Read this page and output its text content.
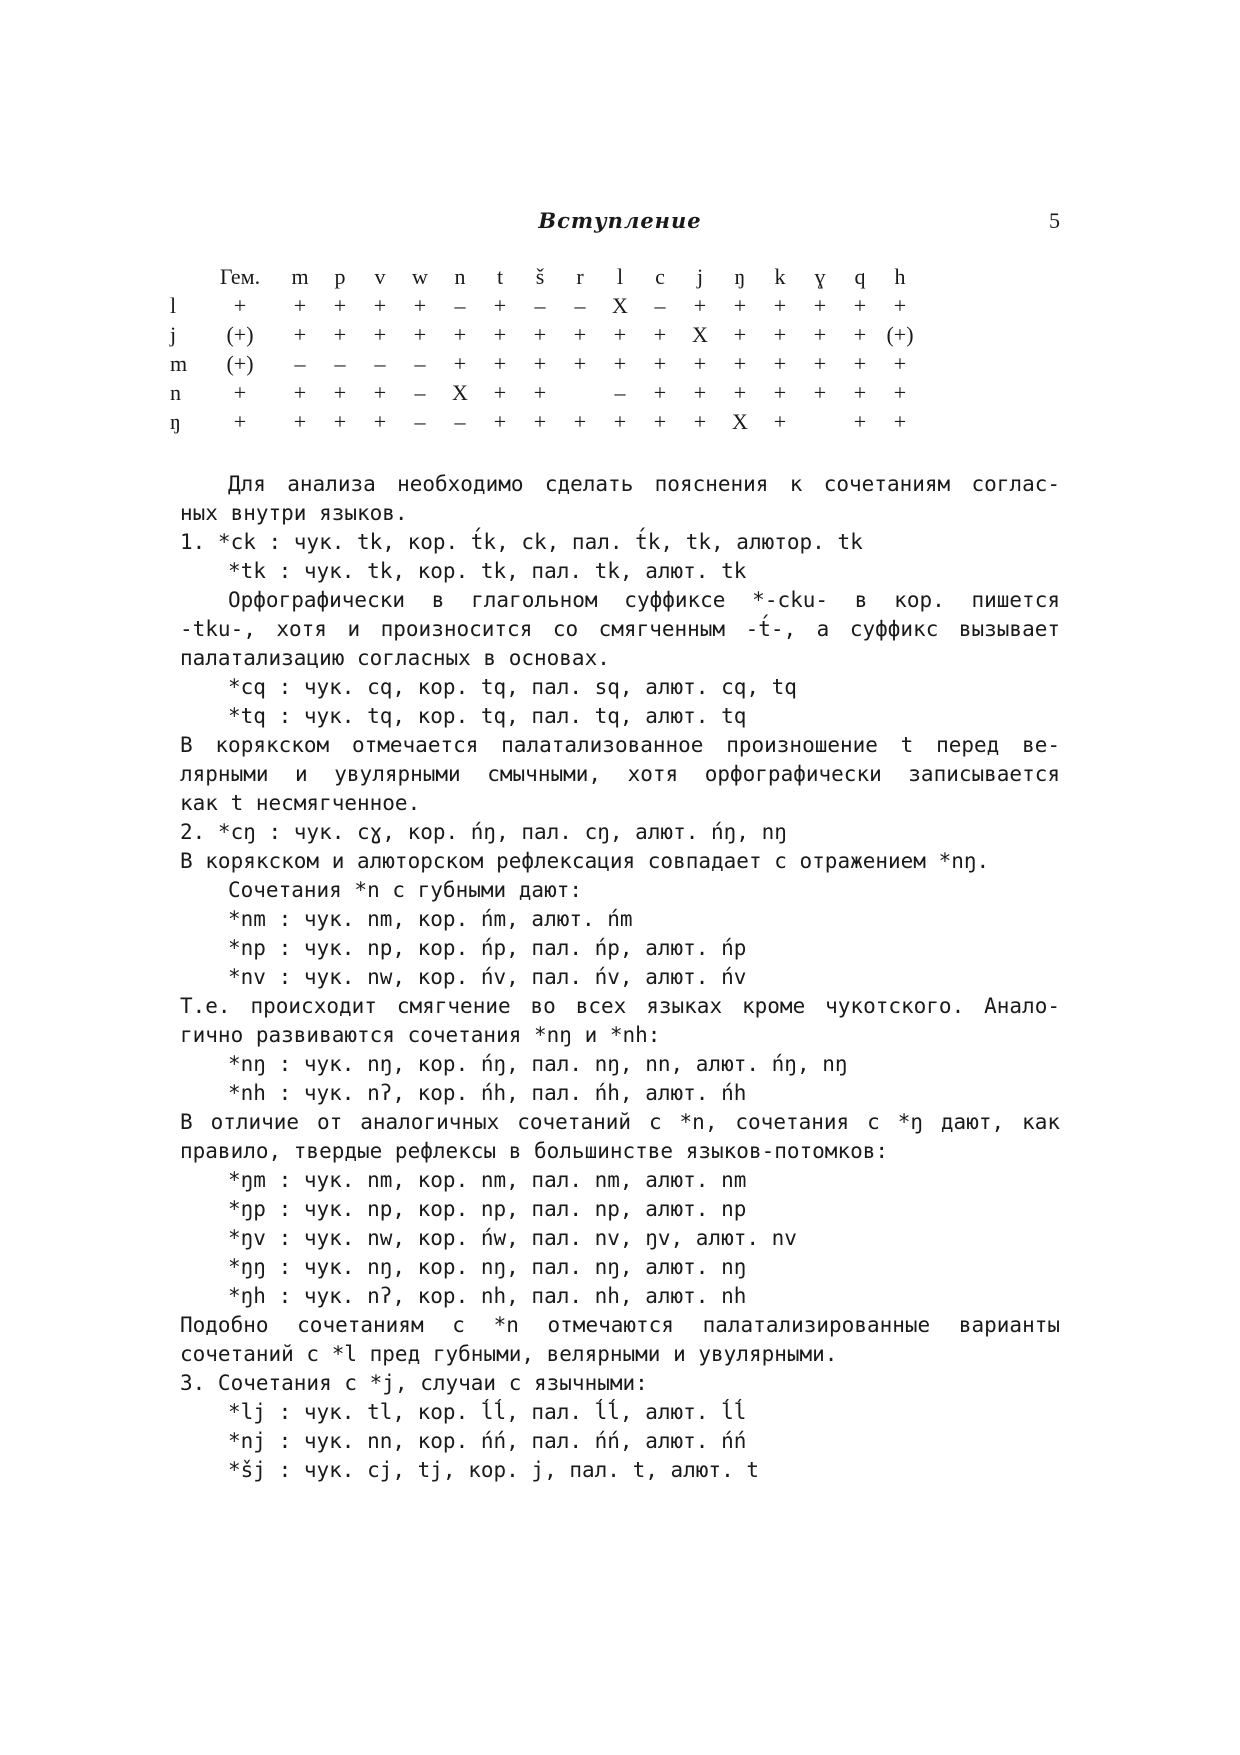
Вступление	5
	Гем.	m	p	v	w	n	t	š	r	l	c	j	ŋ	k	ɣ	q	h
l	+	+	+	+	+	–	+	–	–	X	–	+	+	+	+	+	+
j	(+)	+	+	+	+	+	+	+	+	+	+	X	+	+	+	+	(+)
m	(+)	–	–	–	–	+	+	+	+	+	+	+	+	+	+	+	+
n	+	+	+	+	–	X	+	+		–	+	+	+	+	+	+	+
ŋ	+	+	+	+	–	–	+	+	+	+	+	+	X	+		+	+
Для анализа необходимо сделать пояснения к сочетаниям соглас-
ных внутри языков.
1. *ck : чук. tk, кор. t́k, ck, пал. t́k, tk, алютор. tk
*tk : чук. tk, кор. tk, пал. tk, алют. tk
Орфографически в глагольном суффиксе *-cku- в кор. пишется
-tku-, хотя и произносится со смягченным -t́-, а суффикс вызывает
палатализацию согласных в основах.
*cq : чук. cq, кор. tq, пал. sq, алют. cq, tq
*tq : чук. tq, кор. tq, пал. tq, алют. tq
В корякском отмечается палатализованное произношение t перед ве-
лярными и увулярными смычными, хотя орфографически записывается
как t несмягченное.
2. *cŋ : чук. cɣ, кор. ńŋ, пал. cŋ, алют. ńŋ, nŋ
В корякском и алюторском рефлексация совпадает с отражением *nŋ.
Сочетания *n с губными дают:
*nm : чук. nm, кор. ńm, алют. ńm
*np : чук. np, кор. ńp, пал. ńp, алют. ńp
*nv : чук. nw, кор. ńv, пал. ńv, алют. ńv
Т.е. происходит смягчение во всех языках кроме чукотского. Анало-
гично развиваются сочетания *nŋ и *nh:
*nŋ : чук. nŋ, кор. ńŋ, пал. nŋ, nn, алют. ńŋ, nŋ
*nh : чук. nʔ, кор. ńh, пал. ńh, алют. ńh
В отличие от аналогичных сочетаний с *n, сочетания с *ŋ дают, как
правило, твердые рефлексы в большинстве языков-потомков:
*ŋm : чук. nm, кор. nm, пал. nm, алют. nm
*ŋp : чук. np, кор. np, пал. np, алют. np
*ŋv : чук. nw, кор. ńw, пал. nv, ŋv, алют. nv
*ŋŋ : чук. nŋ, кор. nŋ, пал. nŋ, алют. nŋ
*ŋh : чук. nʔ, кор. nh, пал. nh, алют. nh
Подобно сочетаниям с *n отмечаются палатализированные варианты
сочетаний с *l пред губными, велярными и увулярными.
3. Сочетания с *j, случаи с язычными:
*lj : чук. tl, кор. ĺĺ, пал. ĺĺ, алют. ĺĺ
*nj : чук. nn, кор. ńń, пал. ńń, алют. ńń
*šj : чук. cj, tj, кор. j, пал. t, алют. t
